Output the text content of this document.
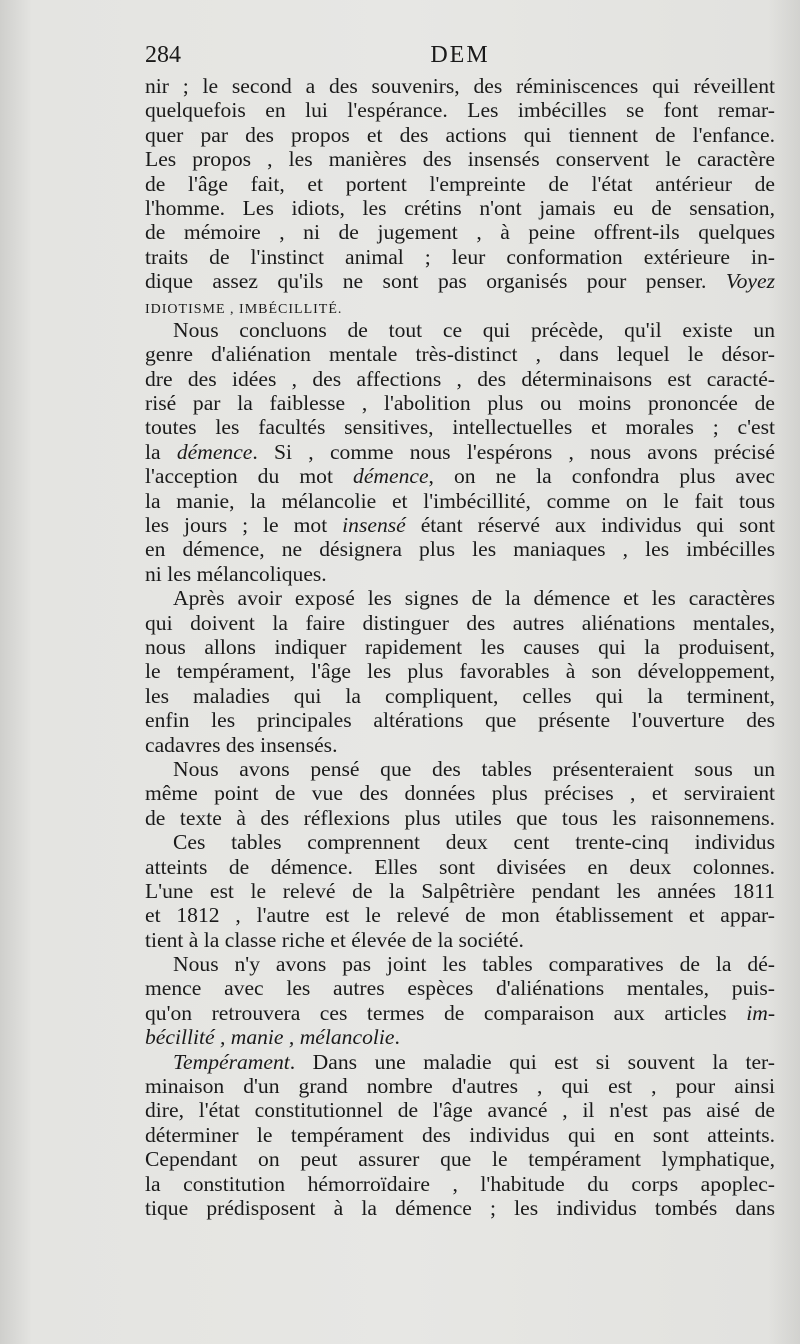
284	DEM
nir ; le second a des souvenirs, des réminiscences qui réveillent
quelquefois en lui l'espérance. Les imbécilles se font remar-
quer par des propos et des actions qui tiennent de l'enfance.
Les propos , les manières des insensés conservent le caractère
de l'âge fait, et portent l'empreinte de l'état antérieur de
l'homme. Les idiots, les crétins n'ont jamais eu de sensation,
de mémoire , ni de jugement , à peine offrent-ils quelques
traits de l'instinct animal ; leur conformation extérieure in-
dique assez qu'ils ne sont pas organisés pour penser. Voyez
IDIOTISME , IMBÉCILLITÉ.
Nous concluons de tout ce qui précède, qu'il existe un
genre d'aliénation mentale très-distinct , dans lequel le désor-
dre des idées , des affections , des déterminaisons est caracté-
risé par la faiblesse , l'abolition plus ou moins prononcée de
toutes les facultés sensitives, intellectuelles et morales ; c'est
la démence. Si , comme nous l'espérons , nous avons précisé
l'acception du mot démence, on ne la confondra plus avec
la manie, la mélancolie et l'imbécillité, comme on le fait tous
les jours ; le mot insensé étant réservé aux individus qui sont
en démence, ne désignera plus les maniaques , les imbécilles
ni les mélancoliques.
Après avoir exposé les signes de la démence et les caractères
qui doivent la faire distinguer des autres aliénations mentales,
nous allons indiquer rapidement les causes qui la produisent,
le tempérament, l'âge les plus favorables à son développement,
les maladies qui la compliquent, celles qui la terminent,
enfin les principales altérations que présente l'ouverture des
cadavres des insensés.
Nous avons pensé que des tables présenteraient sous un
même point de vue des données plus précises , et serviraient
de texte à des réflexions plus utiles que tous les raisonnemens.
Ces tables comprennent deux cent trente-cinq individus
atteints de démence. Elles sont divisées en deux colonnes.
L'une est le relevé de la Salpêtrière pendant les années 1811
et 1812 , l'autre est le relevé de mon établissement et appar-
tient à la classe riche et élevée de la société.
Nous n'y avons pas joint les tables comparatives de la dé-
mence avec les autres espèces d'aliénations mentales, puis-
qu'on retrouvera ces termes de comparaison aux articles im-
bécillité , manie , mélancolie.
Tempérament. Dans une maladie qui est si souvent la ter-
minaison d'un grand nombre d'autres , qui est , pour ainsi
dire, l'état constitutionnel de l'âge avancé , il n'est pas aisé de
déterminer le tempérament des individus qui en sont atteints.
Cependant on peut assurer que le tempérament lymphatique,
la constitution hémorroïdaire , l'habitude du corps apoplec-
tique prédisposent à la démence ; les individus tombés dans
